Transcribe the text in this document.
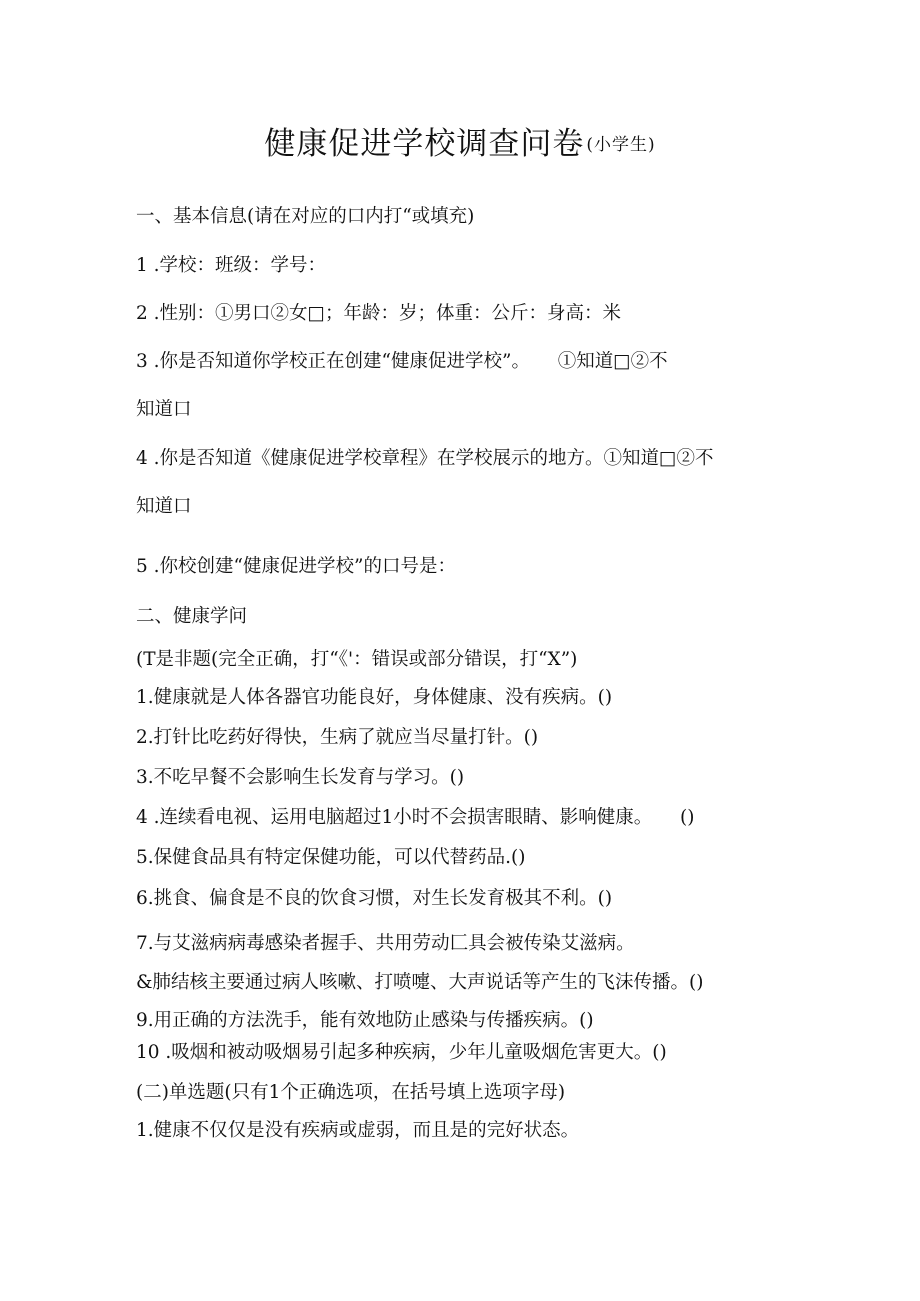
健康促进学校调查问卷 (小学生)
一、基本信息(请在对应的口内打“或填充)
1 .学校：班级：学号：
2 .性别：①男口②女□；年龄：岁；体重：公斤：身高：米
3 .你是否知道你学校正在创建“健康促进学校”。　　①知道□②不
知道口
4 .你是否知道《健康促进学校章程》在学校展示的地方。①知道□②不
知道口
5 .你校创建“健康促进学校”的口号是：
二、健康学问
(T是非题(完全正确，打“《'：错误或部分错误，打“X”)
1.健康就是人体各器官功能良好，身体健康、没有疾病。()
2.打针比吃药好得快，生病了就应当尽量打针。()
3.不吃早餐不会影响生长发育与学习。()
4 .连续看电视、运用电脑超过1小时不会损害眼睛、影响健康。　　()
5.保健食品具有特定保健功能，可以代替药品.()
6.挑食、偏食是不良的饮食习惯，对生长发育极其不利。()
7.与艾滋病病毒感染者握手、共用劳动匚具会被传染艾滋病。
&肺结核主要通过病人咳嗽、打喷嚏、大声说话等产生的飞沫传播。()
9.用正确的方法洗手，能有效地防止感染与传播疾病。()
10 .吸烟和被动吸烟易引起多种疾病，少年儿童吸烟危害更大。()
(二)单选题(只有1个正确选项，在括号填上选项字母)
1.健康不仅仅是没有疾病或虚弱，而且是的完好状态。
